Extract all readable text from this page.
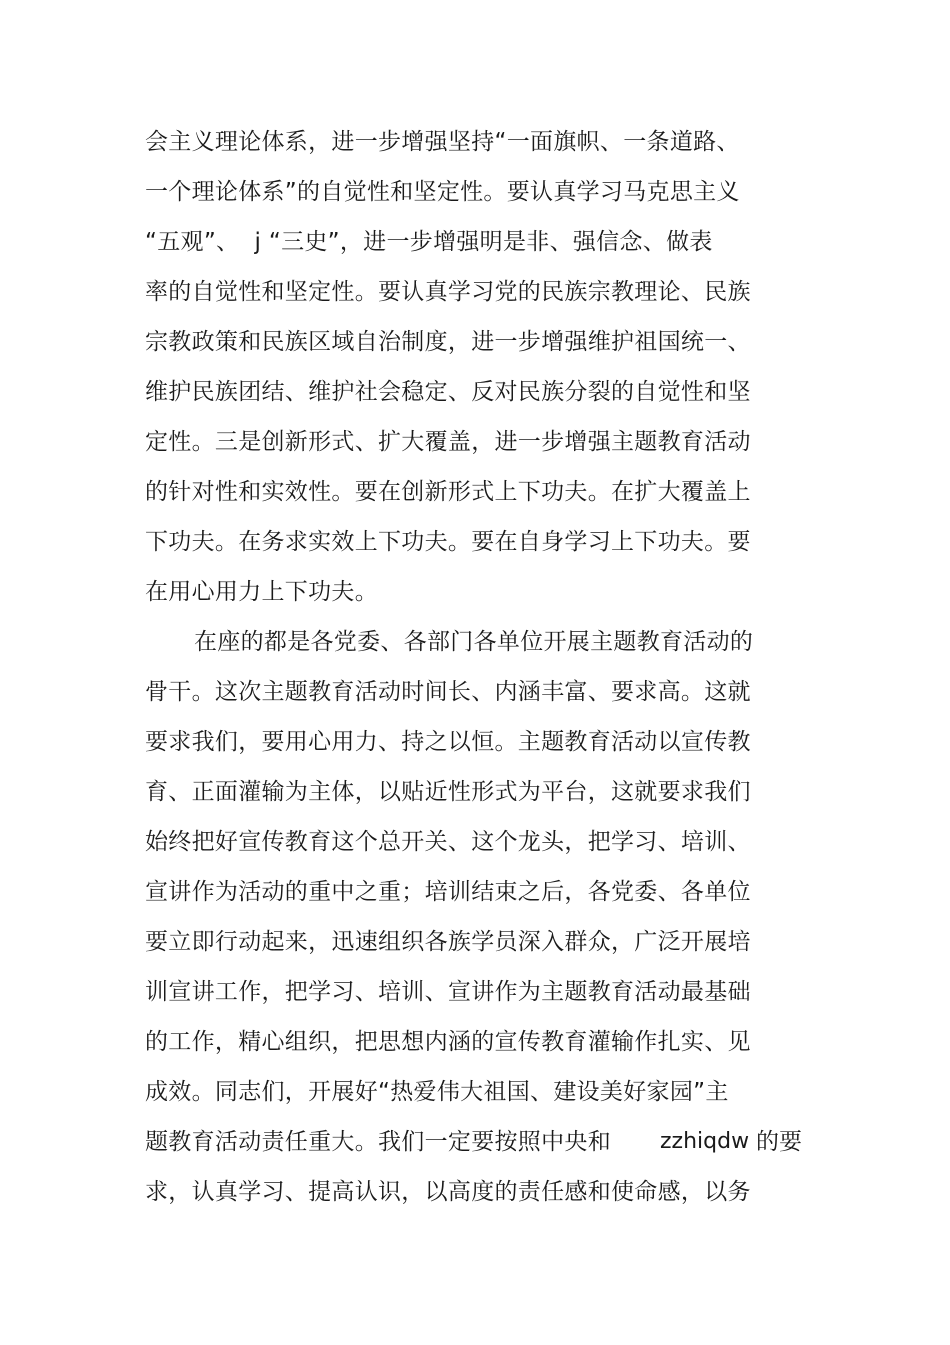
会主义理论体系，进一步增强坚持“一面旗帜、一条道路、
一个理论体系”的自觉性和坚定性。要认真学习马克思主义
“五观”、  j “三史”，进一步增强明是非、强信念、做表
率的自觉性和坚定性。要认真学习党的民族宗教理论、民族
宗教政策和民族区域自治制度，进一步增强维护祖国统一、
维护民族团结、维护社会稳定、反对民族分裂的自觉性和坚
定性。三是创新形式、扩大覆盖，进一步增强主题教育活动
的针对性和实效性。要在创新形式上下功夫。在扩大覆盖上
下功夫。在务求实效上下功夫。要在自身学习上下功夫。要
在用心用力上下功夫。
在座的都是各党委、各部门各单位开展主题教育活动的
骨干。这次主题教育活动时间长、内涵丰富、要求高。这就
要求我们，要用心用力、持之以恒。主题教育活动以宣传教
育、正面灌输为主体，以贴近性形式为平台，这就要求我们
始终把好宣传教育这个总开关、这个龙头，把学习、培训、
宣讲作为活动的重中之重；培训结束之后，各党委、各单位
要立即行动起来，迅速组织各族学员深入群众，广泛开展培
训宣讲工作，把学习、培训、宣讲作为主题教育活动最基础
的工作，精心组织，把思想内涵的宣传教育灌输作扎实、见
成效。同志们，开展好“热爱伟大祖国、建设美好家园”主
题教育活动责任重大。我们一定要按照中央和 zzhiqdw 的要
求，认真学习、提高认识，以高度的责任感和使命感，以务
